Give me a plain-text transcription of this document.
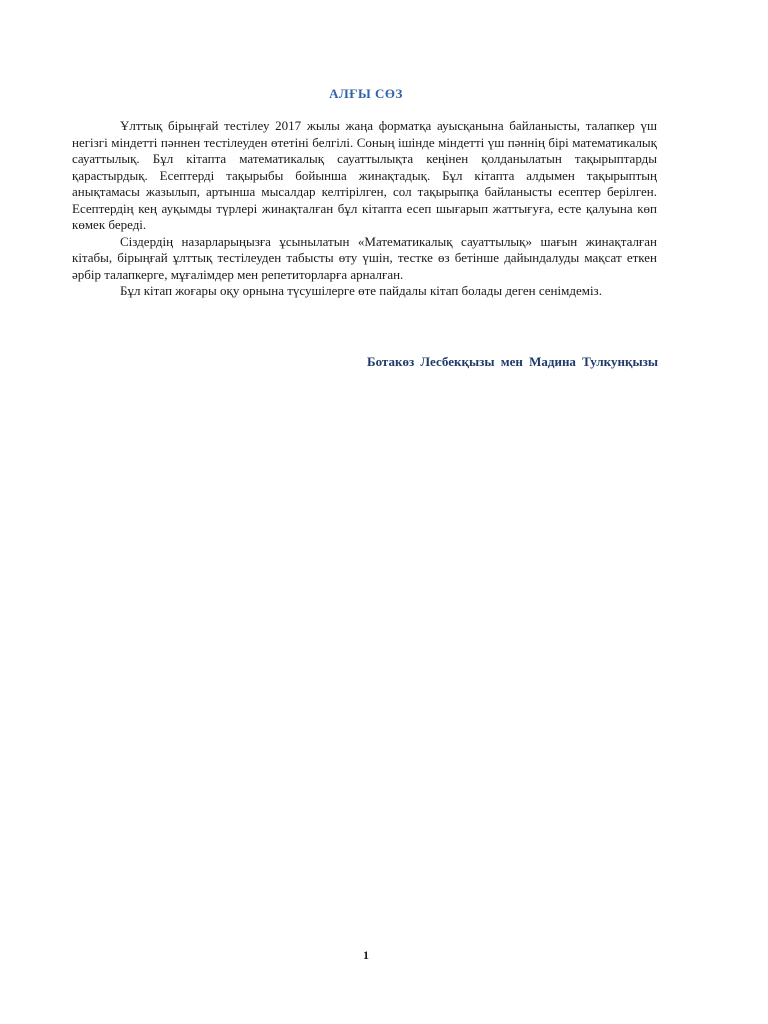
АЛҒЫ СӨЗ

Ұлттық бірыңғай тестілеу 2017 жылы жаңа форматқа ауысқанына байланысты, талапкер үш негізгі міндетті пәннен тестілеуден өтетіні белгілі. Соның ішінде міндетті үш пәннің бірі математикалық сауаттылық. Бұл кітапта математикалық сауаттылықта кеңінен қолданылатын тақырыптарды қарастырдық. Есептерді тақырыбы бойынша жинақтадық. Бұл кітапта алдымен тақырыптың анықтамасы жазылып, артынша мысалдар келтірілген, сол тақырыпқа байланысты есептер берілген. Есептердің кең ауқымды түрлері жинақталған бұл кітапта есеп шығарып жаттығуға, есте қалуына көп көмек береді.

Сіздердің назарларыңызға ұсынылатын «Математикалық сауаттылық» шағын жинақталған кітабы, бірыңғай ұлттық тестілеуден табысты өту үшін, тестке өз бетінше дайындалуды мақсат еткен әрбір талапкерге, мұғалімдер мен репетиторларға арналған.

Бұл кітап жоғары оқу орнына түсушілерге өте пайдалы кітап болады деген сенімдеміз.

Ботакөз Лесбекқызы мен Мадина Тулкунқызы
1
